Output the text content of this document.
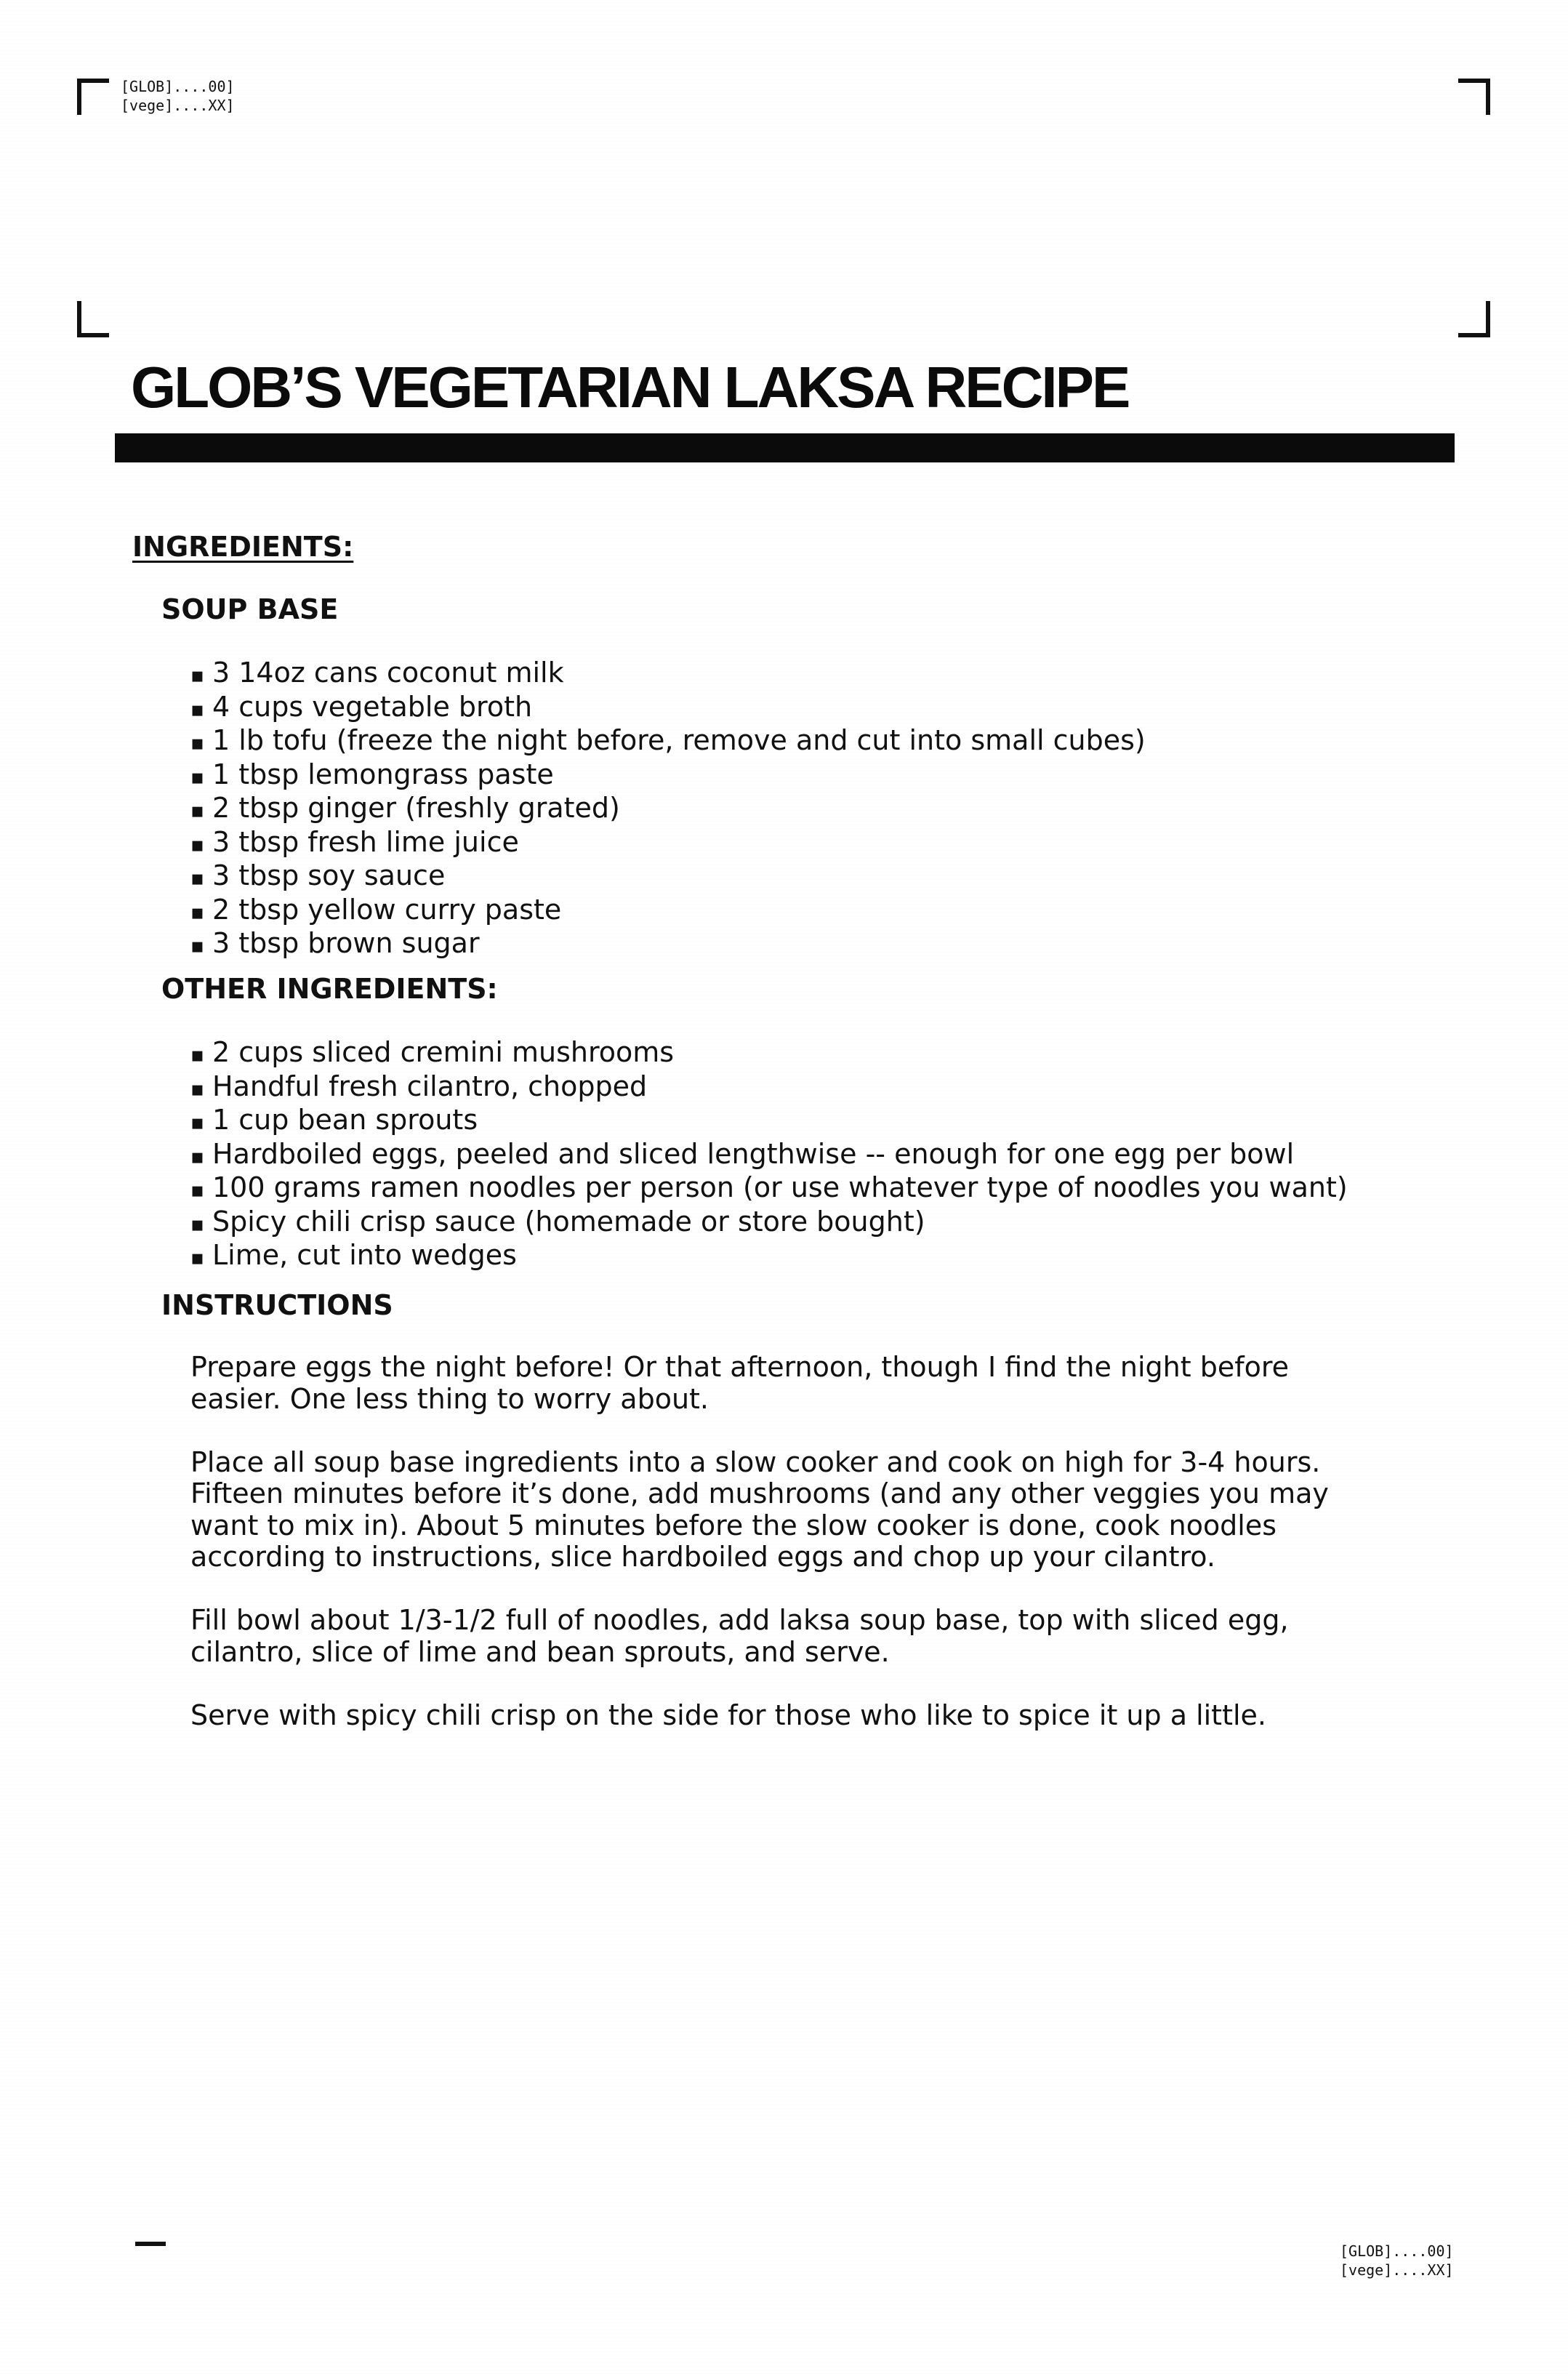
[GLOB]....00]
[vege]....XX]
GLOB’S VEGETARIAN LAKSA RECIPE
INGREDIENTS:
SOUP BASE
▪ 3 14oz cans coconut milk
▪ 4 cups vegetable broth
▪ 1 lb tofu (freeze the night before, remove and cut into small cubes)
▪ 1 tbsp lemongrass paste
▪ 2 tbsp ginger (freshly grated)
▪ 3 tbsp fresh lime juice
▪ 3 tbsp soy sauce
▪ 2 tbsp yellow curry paste
▪ 3 tbsp brown sugar
OTHER INGREDIENTS:
▪ 2 cups sliced cremini mushrooms
▪ Handful fresh cilantro, chopped
▪ 1 cup bean sprouts
▪ Hardboiled eggs, peeled and sliced lengthwise -- enough for one egg per bowl
▪ 100 grams ramen noodles per person (or use whatever type of noodles you want)
▪ Spicy chili crisp sauce (homemade or store bought)
▪ Lime, cut into wedges
INSTRUCTIONS

Prepare eggs the night before! Or that afternoon, though I find the night before
easier. One less thing to worry about.

Place all soup base ingredients into a slow cooker and cook on high for 3-4 hours.
Fifteen minutes before it’s done, add mushrooms (and any other veggies you may
want to mix in). About 5 minutes before the slow cooker is done, cook noodles
according to instructions, slice hardboiled eggs and chop up your cilantro.

Fill bowl about 1/3-1/2 full of noodles, add laksa soup base, top with sliced egg,
cilantro, slice of lime and bean sprouts, and serve.

Serve with spicy chili crisp on the side for those who like to spice it up a little.

[GLOB]....00]
[vege]....XX]
